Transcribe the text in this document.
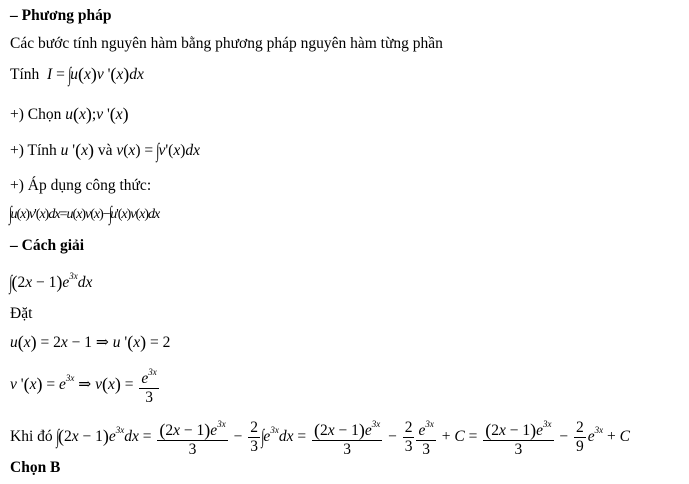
– Phương pháp
Các bước tính nguyên hàm bằng phương pháp nguyên hàm từng phần
Tính  I = ∫u(x)v '(x)dx
+) Chọn u(x);v '(x)
+) Tính u '(x) và v(x) = ∫v'(x)dx
+) Áp dụng công thức:
∫u(x)v'(x)dx=u(x)v(x)−∫u'(x)v(x)dx
– Cách giải
$\int(2x - 1)e^{3x}dx$
Đặt
u(x) = 2x − 1 ⇒ u '(x) = 2
v '$(x) = e^{3x}$ ⇒ $v(x) = \frac{e^{3x}}{3}$
Khi đó $\int(2x - 1)e^{3x}dx = \frac{(2x - 1)e^{3x}}{3} - \frac{2}{3} \int e^{3x}dx = \frac{(2x - 1)e^{3x}}{3} - \frac{2}{3} \frac{e^{3x}}{3} + C = \frac{(2x - 1)e^{3x}}{3} - \frac{2}{9} e^{3x} + C$
Chọn B
